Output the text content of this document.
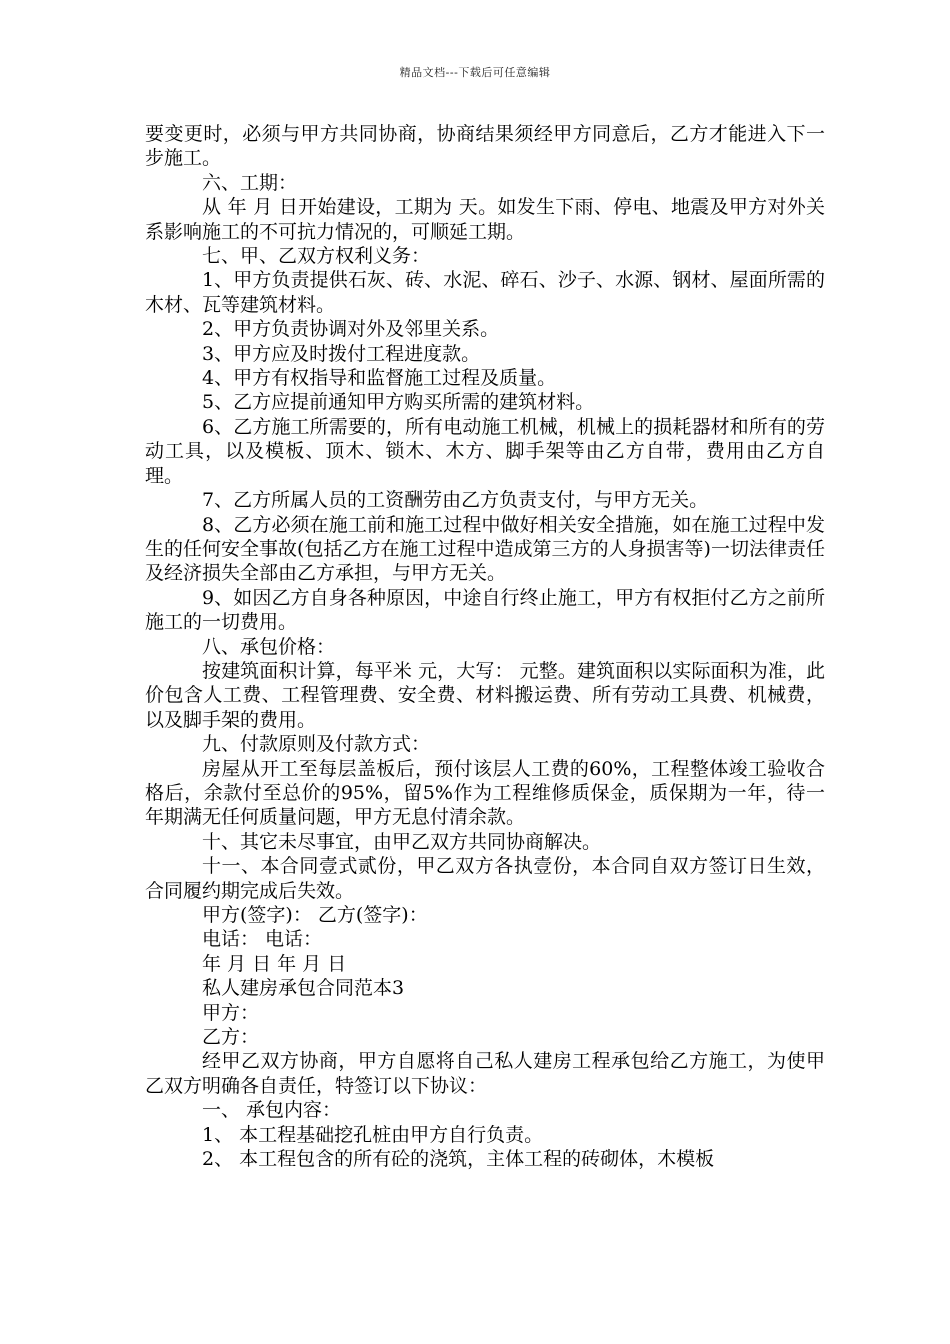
精品文档---下载后可任意编辑

要变更时，必须与甲方共同协商，协商结果须经甲方同意后，乙方才能进入下一步施工。

六、工期：

从 年 月 日开始建设，工期为 天。如发生下雨、停电、地震及甲方对外关系影响施工的不可抗力情况的，可顺延工期。

七、甲、乙双方权利义务：

1、甲方负责提供石灰、砖、水泥、碎石、沙子、水源、钢材、屋面所需的木材、瓦等建筑材料。

2、甲方负责协调对外及邻里关系。

3、甲方应及时拨付工程进度款。

4、甲方有权指导和监督施工过程及质量。

5、乙方应提前通知甲方购买所需的建筑材料。

6、乙方施工所需要的，所有电动施工机械，机械上的损耗器材和所有的劳动工具，以及模板、顶木、锁木、木方、脚手架等由乙方自带，费用由乙方自理。

7、乙方所属人员的工资酬劳由乙方负责支付，与甲方无关。

8、乙方必须在施工前和施工过程中做好相关安全措施，如在施工过程中发生的任何安全事故(包括乙方在施工过程中造成第三方的人身损害等)一切法律责任及经济损失全部由乙方承担，与甲方无关。

9、如因乙方自身各种原因，中途自行终止施工，甲方有权拒付乙方之前所施工的一切费用。

八、承包价格：

按建筑面积计算，每平米 元，大写： 元整。建筑面积以实际面积为准，此价包含人工费、工程管理费、安全费、材料搬运费、所有劳动工具费、机械费，以及脚手架的费用。

九、付款原则及付款方式：

房屋从开工至每层盖板后，预付该层人工费的60%，工程整体竣工验收合格后，余款付至总价的95%，留5%作为工程维修质保金，质保期为一年，待一年期满无任何质量问题，甲方无息付清余款。

十、其它未尽事宜，由甲乙双方共同协商解决。

十一、本合同壹式贰份，甲乙双方各执壹份，本合同自双方签订日生效，合同履约期完成后失效。

甲方(签字)： 乙方(签字)：

电话： 电话：

年 月 日 年 月 日

私人建房承包合同范本3

甲方：

乙方：

经甲乙双方协商，甲方自愿将自己私人建房工程承包给乙方施工，为使甲乙双方明确各自责任，特签订以下协议：

一、 承包内容：

1、 本工程基础挖孔桩由甲方自行负责。

2、 本工程包含的所有砼的浇筑，主体工程的砖砌体，木模板
